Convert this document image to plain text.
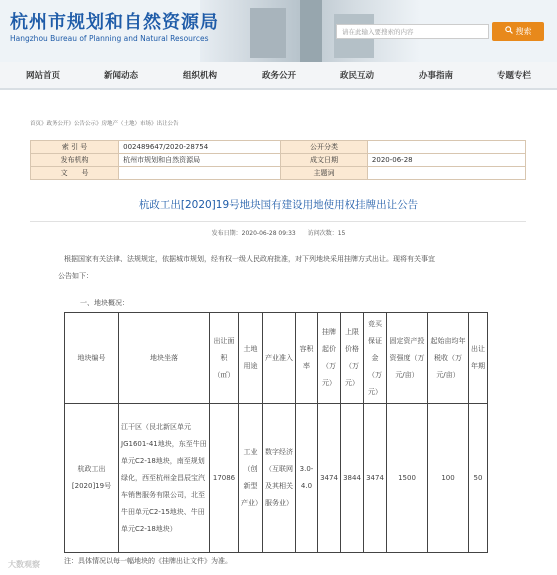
杭州市规划和自然资源局
Hangzhou Bureau of Planning and Natural Resources
请在此输入要搜索的内容	搜索
网站首页	新闻动态	组织机构	政务公开	政民互动	办事指南	专题专栏
首页》政务公开》公告公示》房地产（土地）市场》出让公告
索 引 号	002489647/2020-28754	公开分类	
发布机构	杭州市规划和自然资源局	成文日期	2020-06-28
文　　号		主题词	
杭政工出[2020]19号地块国有建设用地使用权挂牌出让公告
发布日期：2020-06-28 09:33　　访问次数：15
根据国家有关法律、法规规定，依据城市规划，经有权一级人民政府批准，对下列地块采用挂牌方式出让。现将有关事宜
公告如下：
一、地块概况：
地块编号	地块坐落	出让面积（㎡）	土地用途	产业准入	容积率	挂牌起价（万元）	上限价格（万元）	竞买保证金（万元）	固定资产投资强度（万元/亩）	起始亩均年税收（万元/亩）	出让年期
杭政工出[2020]19号	江干区（艮北新区单元JG1601-41地块，东至牛田单元C2-18地块，南至规划绿化，西至杭州金昌辰宝汽车销售服务有限公司，北至牛田单元C2-15地块、牛田单元C2-18地块）	17086	工业（创新型产业）	数字经济（互联网及其相关服务业）	3.0-4.0	3474	3844	3474	1500	100	50
注：具体情况以每一幅地块的《挂牌出让文件》为准。
大数观察
